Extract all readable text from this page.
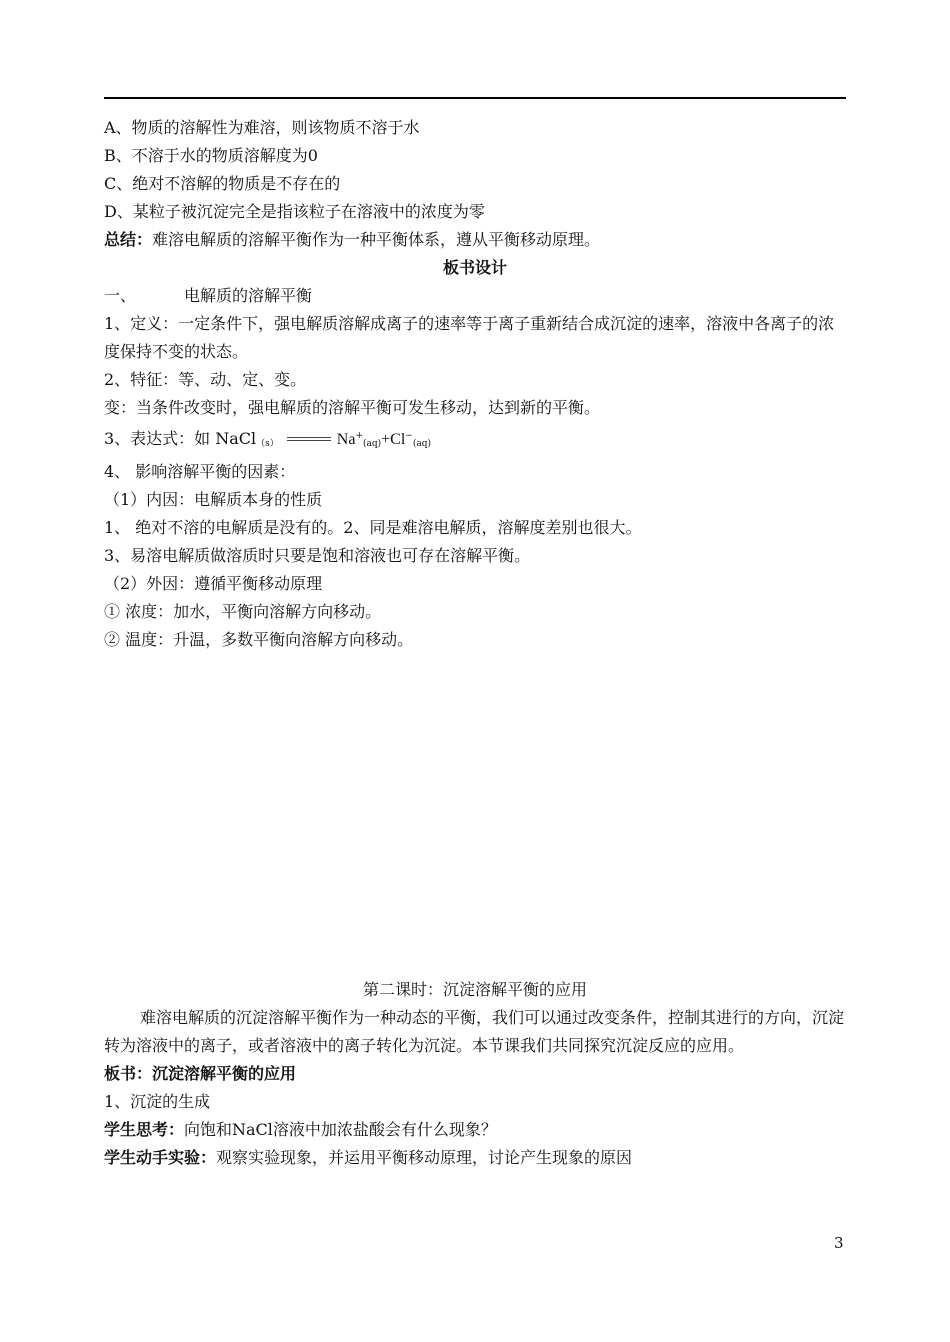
A、物质的溶解性为难溶，则该物质不溶于水
B、不溶于水的物质溶解度为0
C、绝对不溶解的物质是不存在的
D、某粒子被沉淀完全是指该粒子在溶液中的浓度为零
总结：难溶电解质的溶解平衡作为一种平衡体系，遵从平衡移动原理。
板书设计
一、	电解质的溶解平衡
1、定义：一定条件下，强电解质溶解成离子的速率等于离子重新结合成沉淀的速率，溶液中各离子的浓度保持不变的状态。
2、特征：等、动、定、变。
变：当条件改变时，强电解质的溶解平衡可发生移动，达到新的平衡。
3、表达式：如 NaCl$_{(s)}$	$Na^+_{(aq)}+Cl^-_{(aq)}$
4、 影响溶解平衡的因素：
（1）内因：电解质本身的性质
1、 绝对不溶的电解质是没有的。2、同是难溶电解质，溶解度差别也很大。
3、易溶电解质做溶质时只要是饱和溶液也可存在溶解平衡。
（2）外因：遵循平衡移动原理
① 浓度：加水，平衡向溶解方向移动。
② 温度：升温，多数平衡向溶解方向移动。
第二课时：沉淀溶解平衡的应用
难溶电解质的沉淀溶解平衡作为一种动态的平衡，我们可以通过改变条件，控制其进行的方向，沉淀转为溶液中的离子，或者溶液中的离子转化为沉淀。本节课我们共同探究沉淀反应的应用。
板书：沉淀溶解平衡的应用
1、沉淀的生成
学生思考：向饱和NaCl溶液中加浓盐酸会有什么现象？
学生动手实验：观察实验现象，并运用平衡移动原理，讨论产生现象的原因
3
